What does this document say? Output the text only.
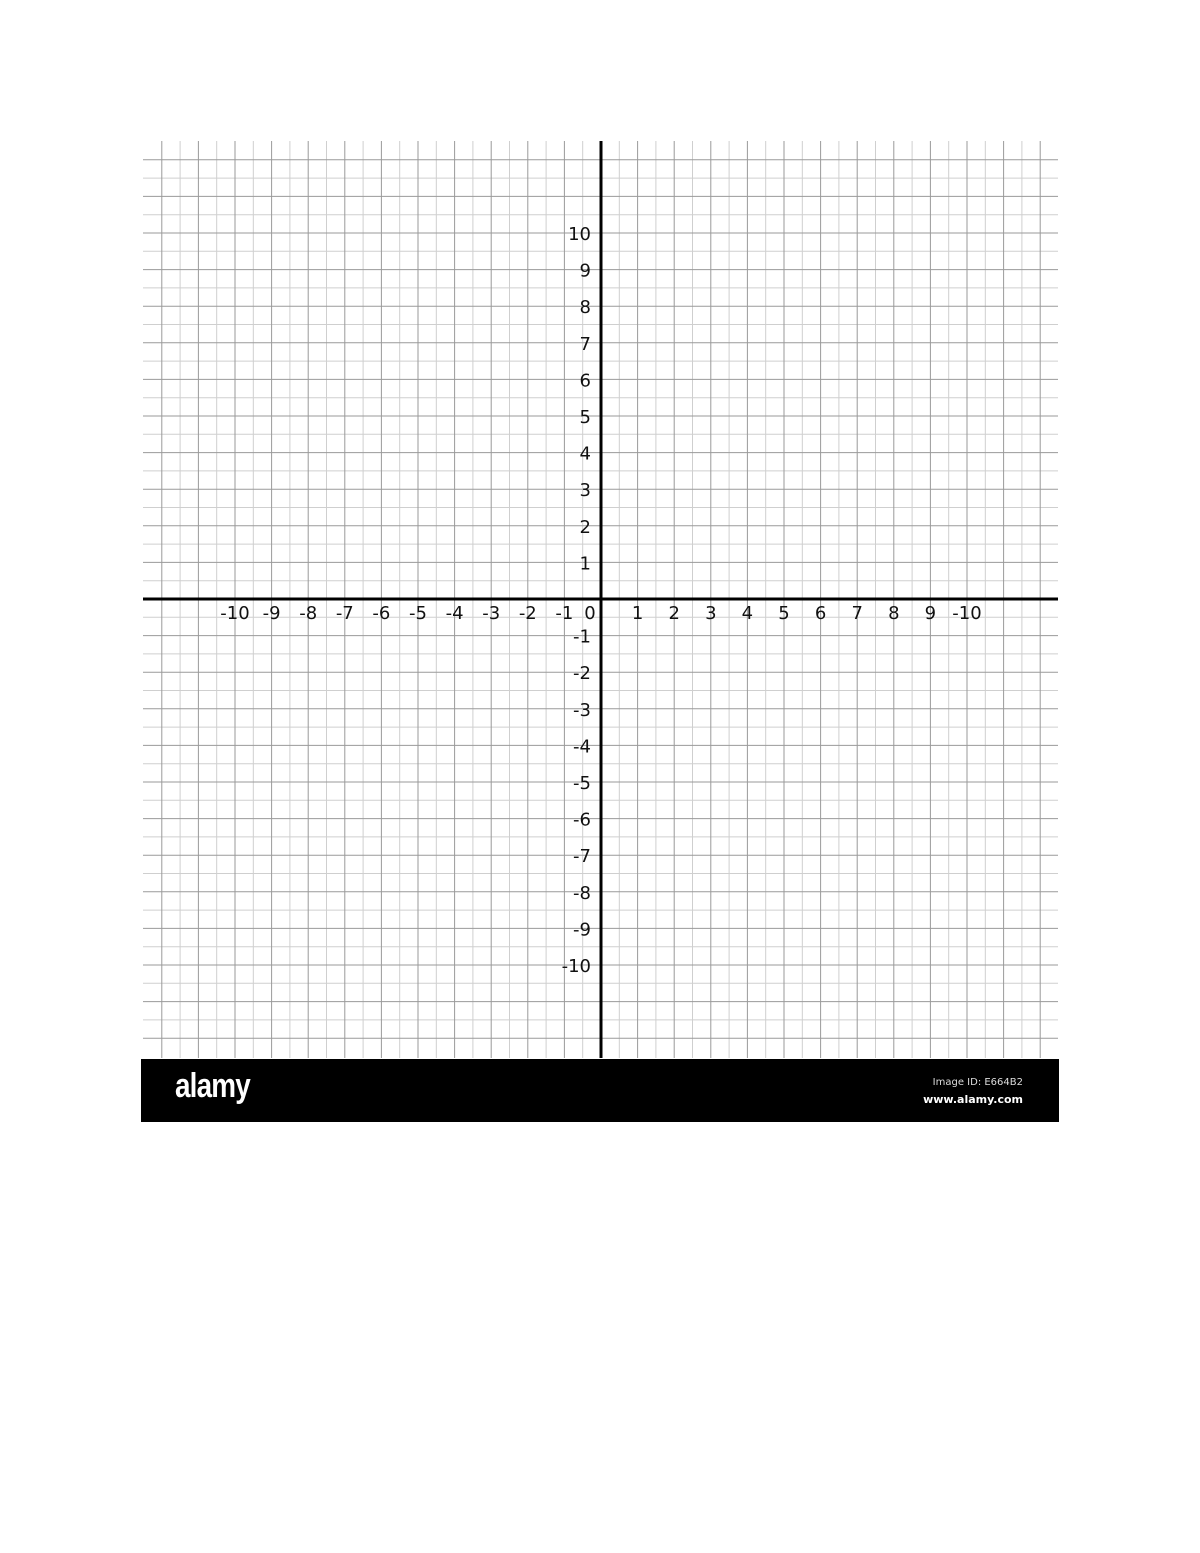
-10 -9 -8 -7 -6 -5 -4 -3 -2 -1 0 1 2 3 4 5 6 7 8 9 -10
10
9
8
7
6
5
4
3
2
1
-1
-2
-3
-4
-5
-6
-7
-8
-9
-10
alamy	Image ID: E664B2
www.alamy.com
